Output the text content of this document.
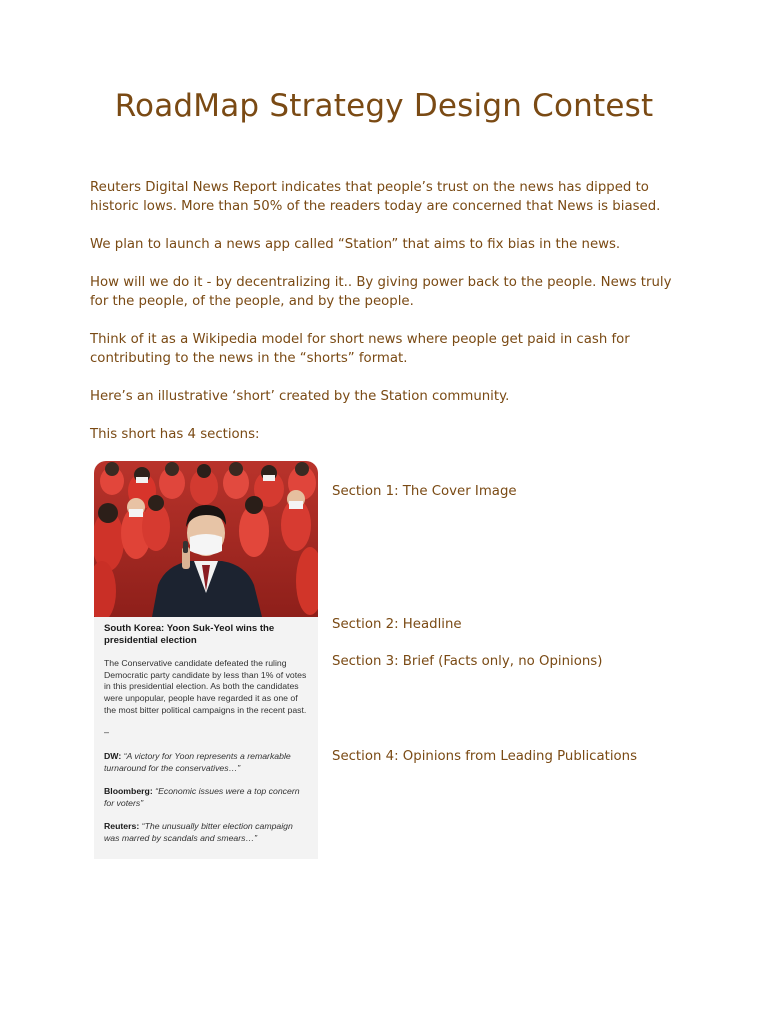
RoadMap Strategy Design Contest
Reuters Digital News Report indicates that people’s trust on the news has dipped to historic lows. More than 50% of the readers today are concerned that News is biased.
We plan to launch a news app called “Station” that aims to fix bias in the news.
How will we do it - by decentralizing it.. By giving power back to the people. News truly for the people, of the people, and by the people.
Think of it as a Wikipedia model for short news where people get paid in cash for contributing to the news in the “shorts” format.
Here’s an illustrative ‘short’ created by the Station community.
This short has 4 sections:
South Korea: Yoon Suk-Yeol wins the presidential election
The Conservative candidate defeated the ruling Democratic party candidate by less than 1% of votes in this presidential election. As both the candidates were unpopular, people have regarded it as one of the most bitter political campaigns in the recent past.
–
DW: “A victory for Yoon represents a remarkable turnaround for the conservatives…”
Bloomberg: “Economic issues were a top concern for voters”
Reuters: “The unusually bitter election campaign was marred by scandals and smears…”
Section 1: The Cover Image
Section 2: Headline
Section 3: Brief (Facts only, no Opinions)
Section 4: Opinions from Leading Publications
